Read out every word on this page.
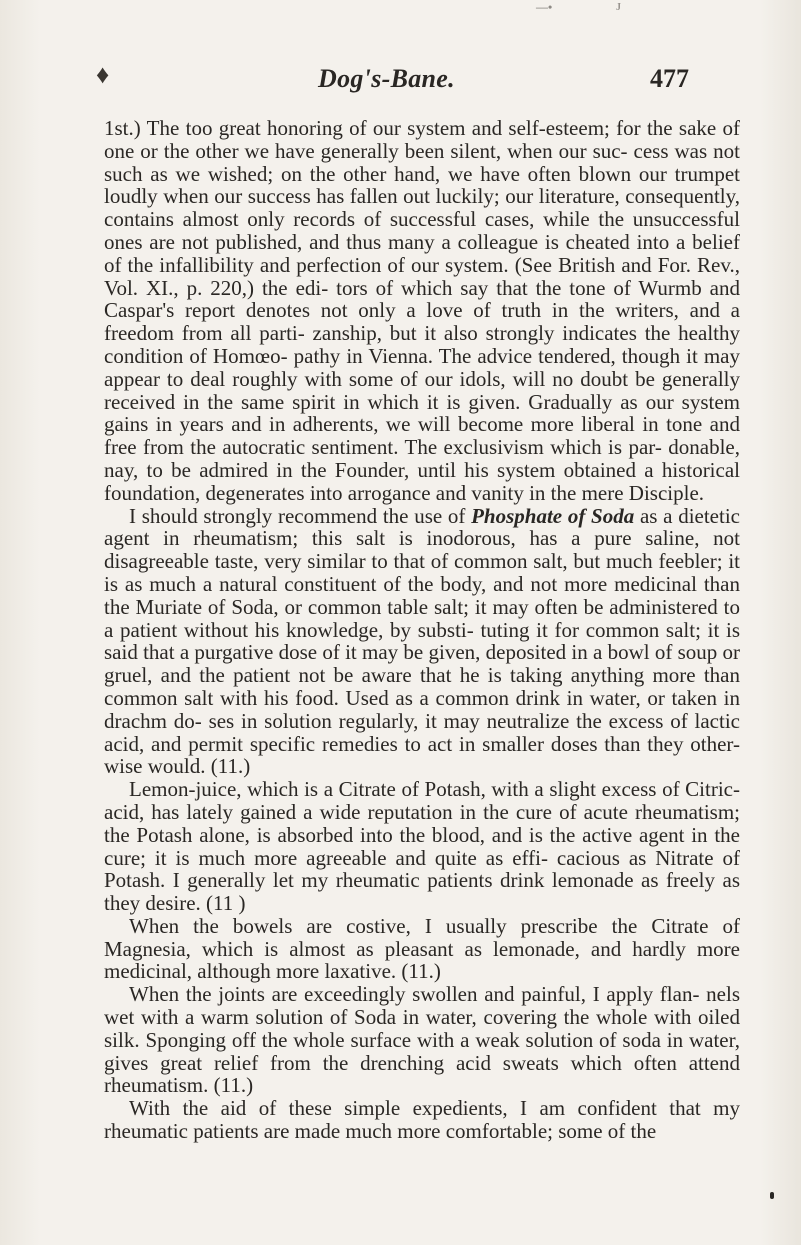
♦
—•	J
Dog's-Bane.	477

1st.) The too great honoring of our system and self-esteem; for the sake of one or the other we have generally been silent, when our suc- cess was not such as we wished; on the other hand, we have often blown our trumpet loudly when our success has fallen out luckily; our literature, consequently, contains almost only records of successful cases, while the unsuccessful ones are not published, and thus many a colleague is cheated into a belief of the infallibility and perfection of our system. (See British and For. Rev., Vol. XI., p. 220,) the edi- tors of which say that the tone of Wurmb and Caspar's report denotes not only a love of truth in the writers, and a freedom from all parti- zanship, but it also strongly indicates the healthy condition of Homœo- pathy in Vienna. The advice tendered, though it may appear to deal roughly with some of our idols, will no doubt be generally received in the same spirit in which it is given. Gradually as our system gains in years and in adherents, we will become more liberal in tone and free from the autocratic sentiment. The exclusivism which is par- donable, nay, to be admired in the Founder, until his system obtained a historical foundation, degenerates into arrogance and vanity in the mere Disciple.

I should strongly recommend the use of Phosphate of Soda as a dietetic agent in rheumatism; this salt is inodorous, has a pure saline, not disagreeable taste, very similar to that of common salt, but much feebler; it is as much a natural constituent of the body, and not more medicinal than the Muriate of Soda, or common table salt; it may often be administered to a patient without his knowledge, by substi- tuting it for common salt; it is said that a purgative dose of it may be given, deposited in a bowl of soup or gruel, and the patient not be aware that he is taking anything more than common salt with his food. Used as a common drink in water, or taken in drachm do- ses in solution regularly, it may neutralize the excess of lactic acid, and permit specific remedies to act in smaller doses than they other- wise would. (11.)

Lemon-juice, which is a Citrate of Potash, with a slight excess of Citric-acid, has lately gained a wide reputation in the cure of acute rheumatism; the Potash alone, is absorbed into the blood, and is the active agent in the cure; it is much more agreeable and quite as effi- cacious as Nitrate of Potash. I generally let my rheumatic patients drink lemonade as freely as they desire. (11 )

When the bowels are costive, I usually prescribe the Citrate of Magnesia, which is almost as pleasant as lemonade, and hardly more medicinal, although more laxative. (11.)

When the joints are exceedingly swollen and painful, I apply flan- nels wet with a warm solution of Soda in water, covering the whole with oiled silk. Sponging off the whole surface with a weak solution of soda in water, gives great relief from the drenching acid sweats which often attend rheumatism. (11.)

With the aid of these simple expedients, I am confident that my rheumatic patients are made much more comfortable; some of the
